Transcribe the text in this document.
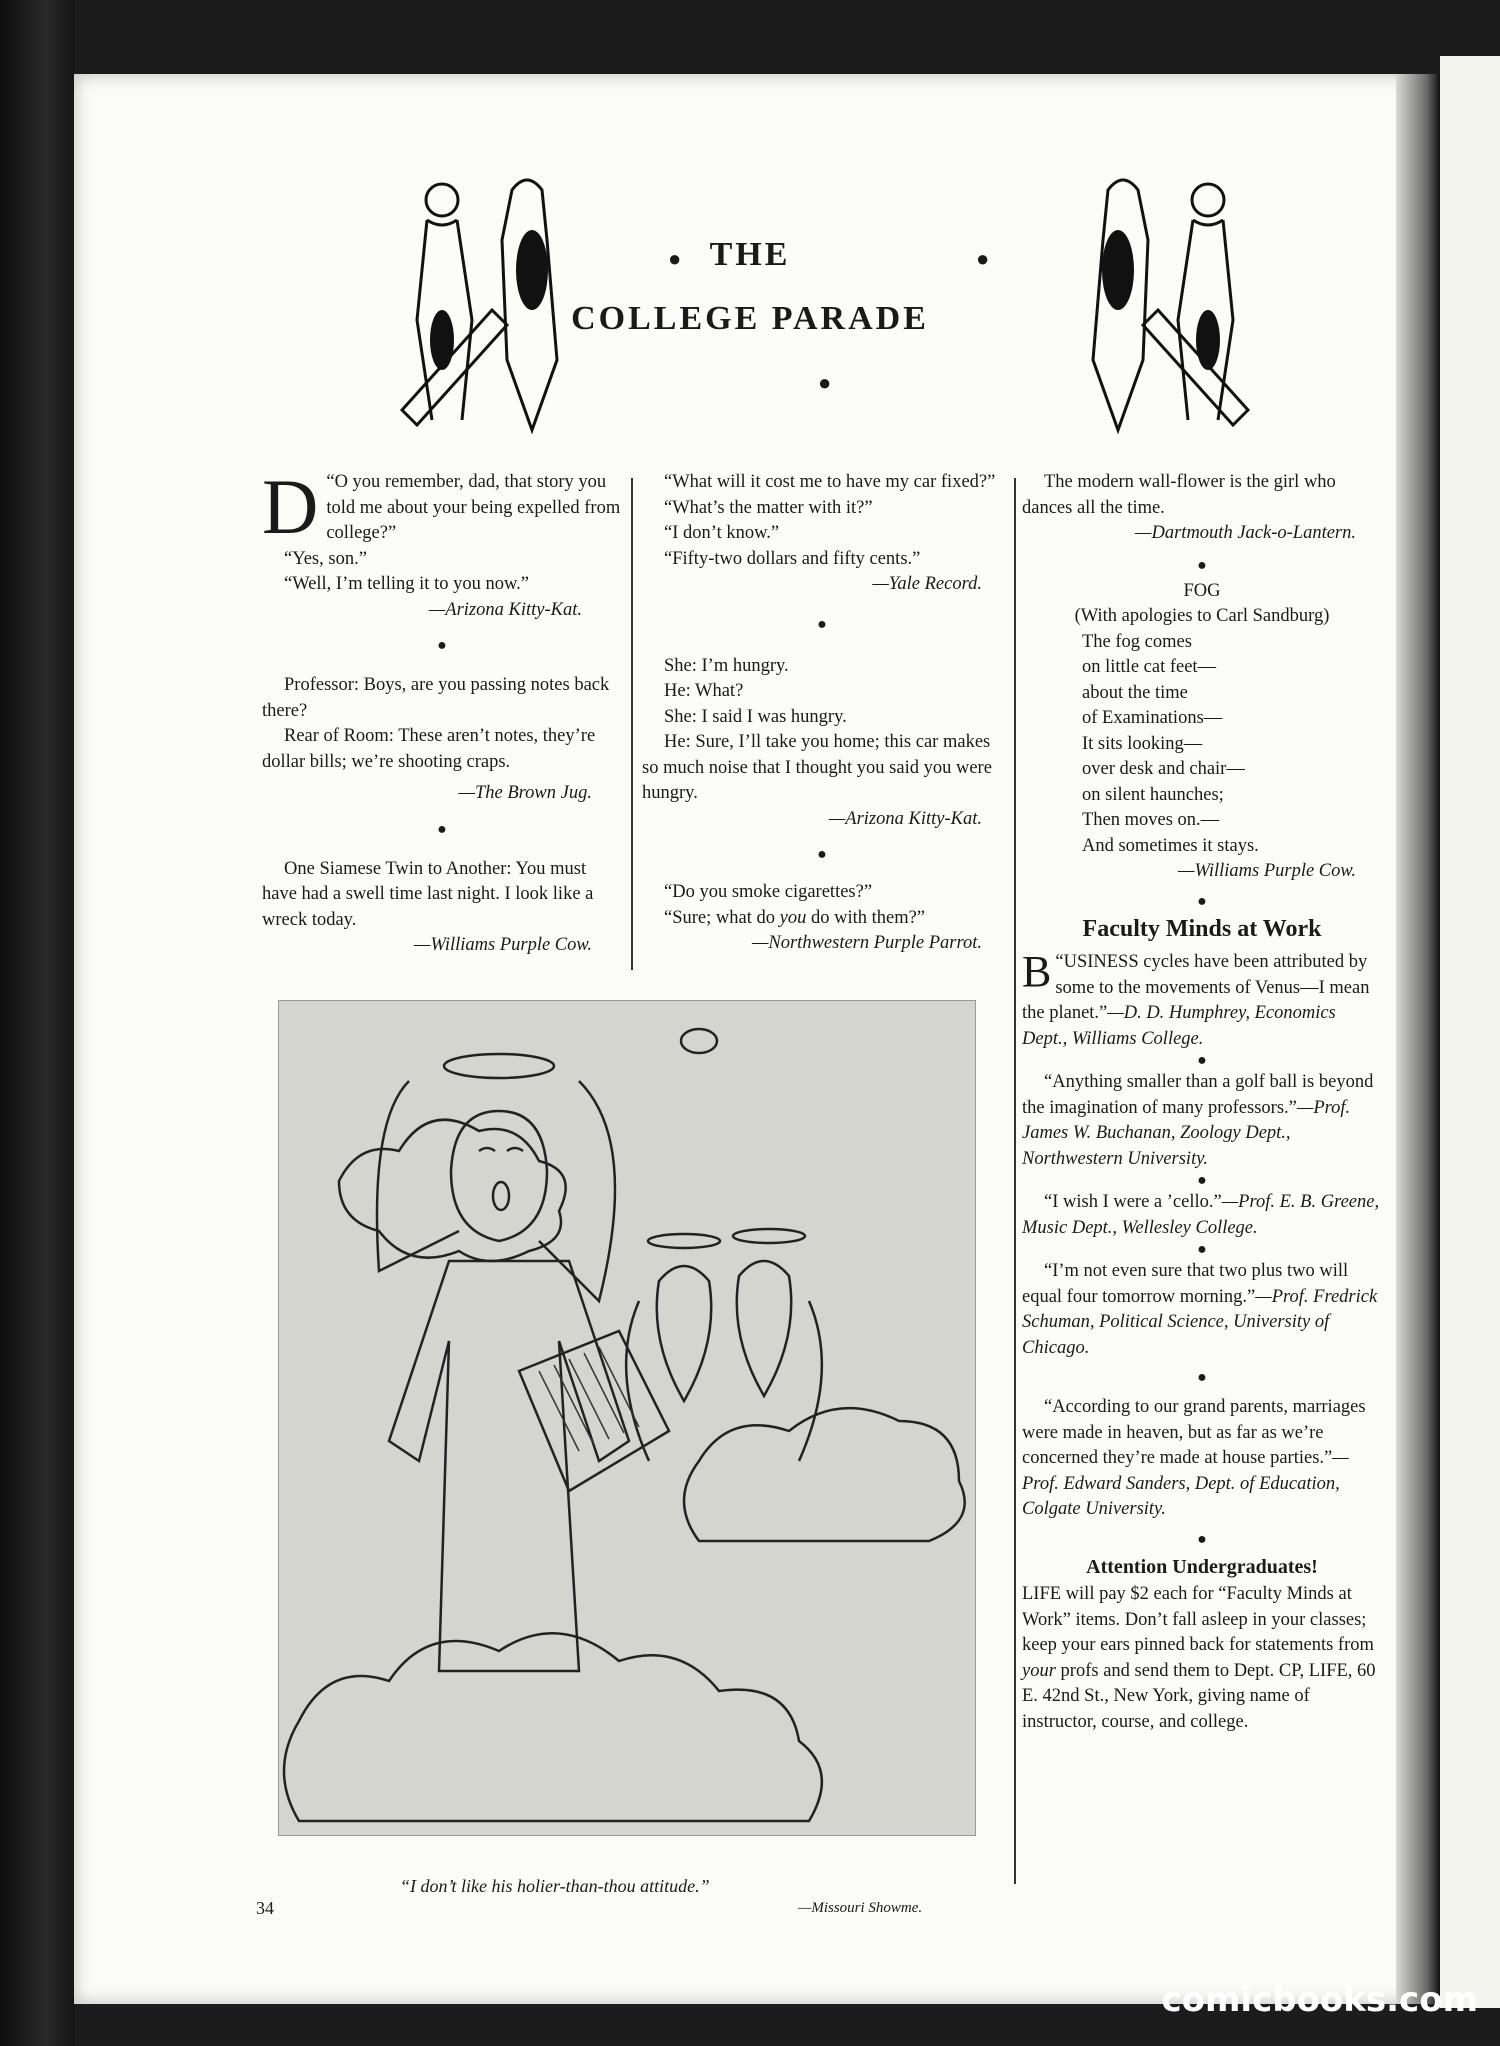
● THE	●
COLLEGE PARADE
●

“
D O you remember, dad, that story you told me about your being expelled from college?”

“Yes, son.”

“Well, I’m telling it to you now.”

—Arizona Kitty-Kat.

●

Professor: Boys, are you passing notes back there?

Rear of Room: These aren’t notes, they’re dollar bills; we’re shooting craps.

—The Brown Jug.

●

One Siamese Twin to Another: You must have had a swell time last night. I look like a wreck today.

—Williams Purple Cow.

“What will it cost me to have my car fixed?”

“What’s the matter with it?”

“I don’t know.”

“Fifty-two dollars and fifty cents.”

—Yale Record.

●

She: I’m hungry.

He: What?

She: I said I was hungry.

He: Sure, I’ll take you home; this car makes so much noise that I thought you said you were hungry.

—Arizona Kitty-Kat.

●

“Do you smoke cigarettes?”

“Sure; what do you do with them?”

—Northwestern Purple Parrot.

The modern wall-flower is the girl who dances all the time.

—Dartmouth Jack-o-Lantern.

●

FOG

(With apologies to Carl Sandburg)

The fog comes

on little cat feet—

about the time

of Examinations—

It sits looking—

over desk and chair—

on silent haunches;

Then moves on.—

And sometimes it stays.

—Williams Purple Cow.

●
Faculty Minds at Work

“
B USINESS cycles have been attributed by some to the movements of Venus—I mean the planet.”—D. D. Humphrey, Economics Dept., Williams College.

●

“Anything smaller than a golf ball is beyond the imagination of many professors.”—Prof. James W. Buchanan, Zoology Dept., Northwestern University.

●

“I wish I were a ’cello.”—Prof. E. B. Greene, Music Dept., Wellesley College.

●

“I’m not even sure that two plus two will equal four tomorrow morning.”—Prof. Fredrick Schuman, Political Science, University of Chicago.

●

“According to our grand parents, marriages were made in heaven, but as far as we’re concerned they’re made at house parties.”—Prof. Edward Sanders, Dept. of Education, Colgate University.

●
Attention Undergraduates!

LIFE will pay $2 each for “Faculty Minds at Work” items. Don’t fall asleep in your classes; keep your ears pinned back for statements from your profs and send them to Dept. CP, LIFE, 60 E. 42nd St., New York, giving name of instructor, course, and college.

“I don’t like his holier-than-thou attitude.”
—Missouri Showme.
34
comicbooks.com
